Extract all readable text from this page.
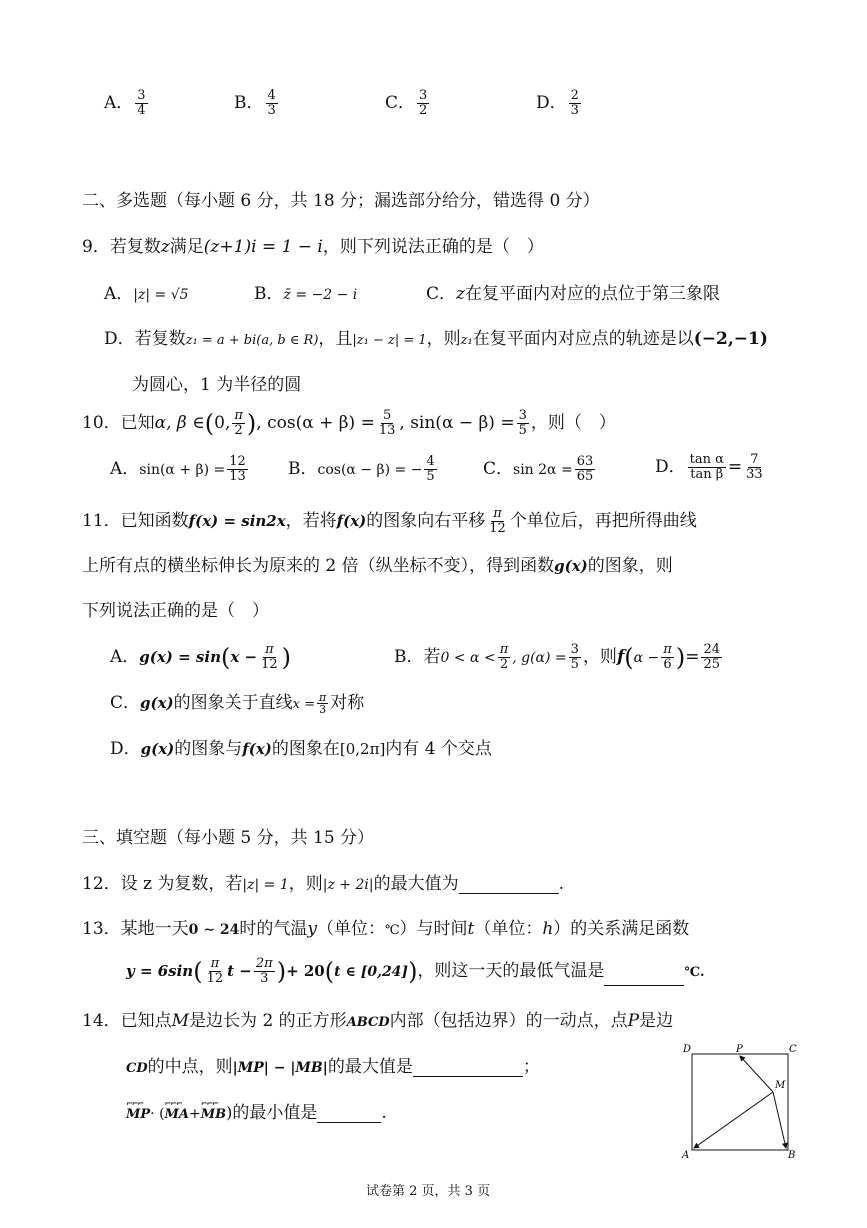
A． $\frac{3}{4}$	B． $\frac{4}{3}$	C． $\frac{3}{2}$	D． $\frac{2}{3}$
二、多选题（每小题 6 分，共 18 分；漏选部分给分，错选得 0 分）
9．若复数z满足(z+1)i = 1 − i，则下列说法正确的是（　）
A．|z| = √5	B．z̄ = −2 − i	C．z在复平面内对应的点位于第三象限
D．若复数z₁ = a + bi(a, b ∈ R)，且|z₁ − z| = 1，则z₁在复平面内对应点的轨迹是以(−2,−1)
为圆心，1 为半径的圆
10．已知α, β ∈(0, $\frac{\pi}{2}$ ), $\cos(\alpha + \beta) = \frac{5}{13}$ , $\sin(\alpha - \beta) = \frac{3}{5}$ ，则（　）
A．$\sin(\alpha + \beta) = \frac{12}{13}$ B．cos(α − β) = − $\frac{4}{5}$	C．$\sin 2\alpha = \frac{63}{65}$	D． $\frac{\text{tan α}}{\text{tan β}} = \frac{7}{33}$
11．已知函数f(x) = sin2x，若将f(x)的图象向右平移 $\frac{\pi}{12}$ 个单位后，再把所得曲线
上所有点的横坐标伸长为原来的 2 倍（纵坐标不变），得到函数g(x)的图象，则
下列说法正确的是（　）
A．$g(x) = \sin(x - \frac{\pi}{12}$ )	B．若$0 < \alpha < \frac{\pi}{2}$ , $g(\alpha) = \frac{3}{5}$ ，则$f(\alpha - \frac{\pi}{6}$ )= $\frac{24}{25}$
C．g(x)的图象关于直线$x = \frac{\pi}{3}$ 对称
D．g(x)的图象与f(x)的图象在[0,2π]内有 4 个交点
三、填空题（每小题 5 分，共 15 分）
12．设 z 为复数，若|z| = 1，则|z + 2i|的最大值为	.
13．某地一天0 ∼ 24时的气温y（单位：℃）与时间t（单位：h）的关系满足函数
$y = 6\sin( \frac{\pi}{12}$ $t - \frac{2\pi}{3}$ )+ 20(t ∈ [0,24])，则这一天的最低气温是	℃.
14．已知点M是边长为 2 的正方形ABCD内部（包括边界）的一动点，点P是边
CD的中点，则|MP| − |MB|的最大值是	；
⌐⌐⌐ MP· (⌐⌐⌐ MA+⌐⌐⌐ MB)的最小值是	.
D	P	C
M
A	B
试卷第 2 页，共 3 页
